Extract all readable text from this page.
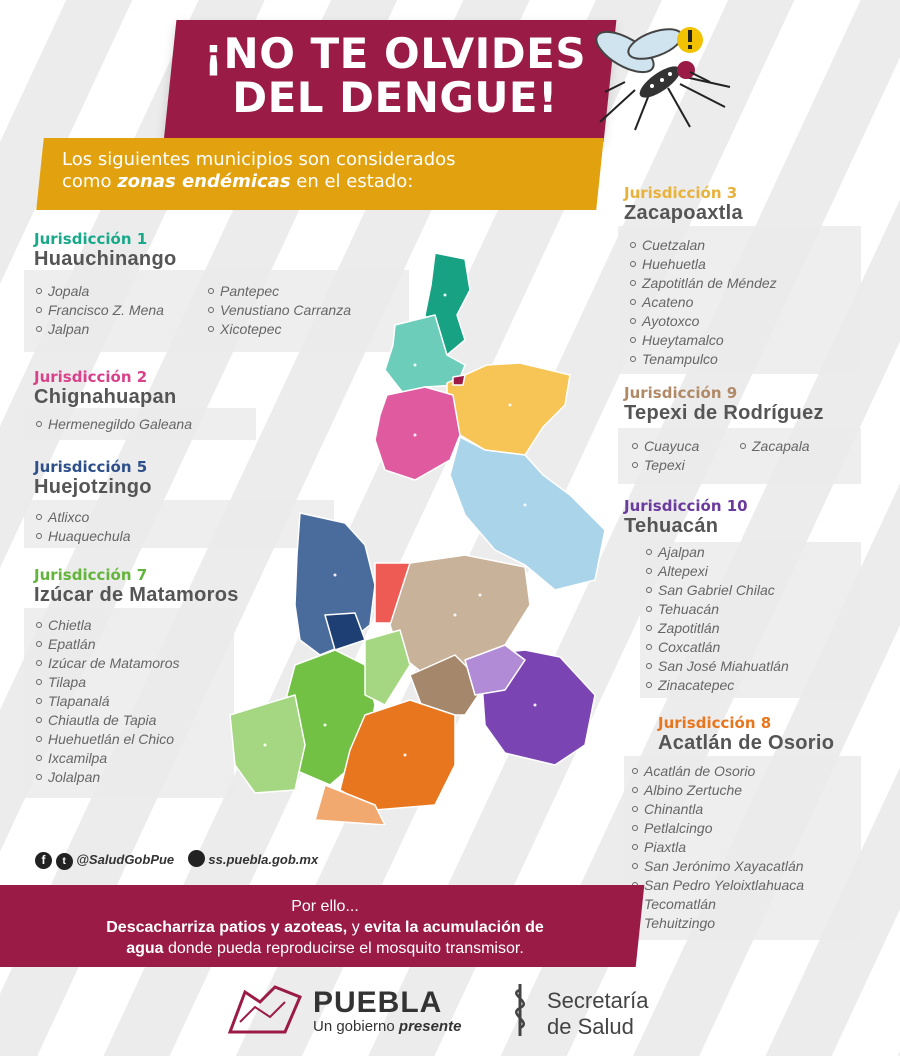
¡NO TE OLVIDES
DEL DENGUE!
Los siguientes municipios son considerados
como zonas endémicas en el estado:
Jurisdicción 1
Huauchinango
Jopala
Francisco Z. Mena
Jalpan
Pantepec
Venustiano Carranza
Xicotepec
Jurisdicción 2
Chignahuapan
Hermenegildo Galeana
Jurisdicción 5
Huejotzingo
Atlixco
Huaquechula
Jurisdicción 7
Izúcar de Matamoros
Chietla
Epatlán
Izúcar de Matamoros
Tilapa
Tlapanalá
Chiautla de Tapia
Huehuetlán el Chico
Ixcamilpa
Jolalpan
Jurisdicción 3
Zacapoaxtla
Cuetzalan
Huehuetla
Zapotitlán de Méndez
Acateno
Ayotoxco
Hueytamalco
Tenampulco
Jurisdicción 9
Tepexi de Rodríguez
Cuayuca
Tepexi
Zacapala
Jurisdicción 10
Tehuacán
Ajalpan
Altepexi
San Gabriel Chilac
Tehuacán
Zapotitlán
Coxcatlán
San José Miahuatlán
Zinacatepec
Jurisdicción 8
Acatlán de Osorio
Acatlán de Osorio
Albino Zertuche
Chinantla
Petlalcingo
Piaxtla
San Jerónimo Xayacatlán
San Pedro Yeloixtlahuaca
Tecomatlán
Tehuitzingo
f t @SaludGobPue	ss.puebla.gob.mx
Por ello...
Descacharriza patios y azoteas, y evita la acumulación de
agua donde pueda reproducirse el mosquito transmisor.
PUEBLA
Un gobierno presente
Secretaría
de Salud
